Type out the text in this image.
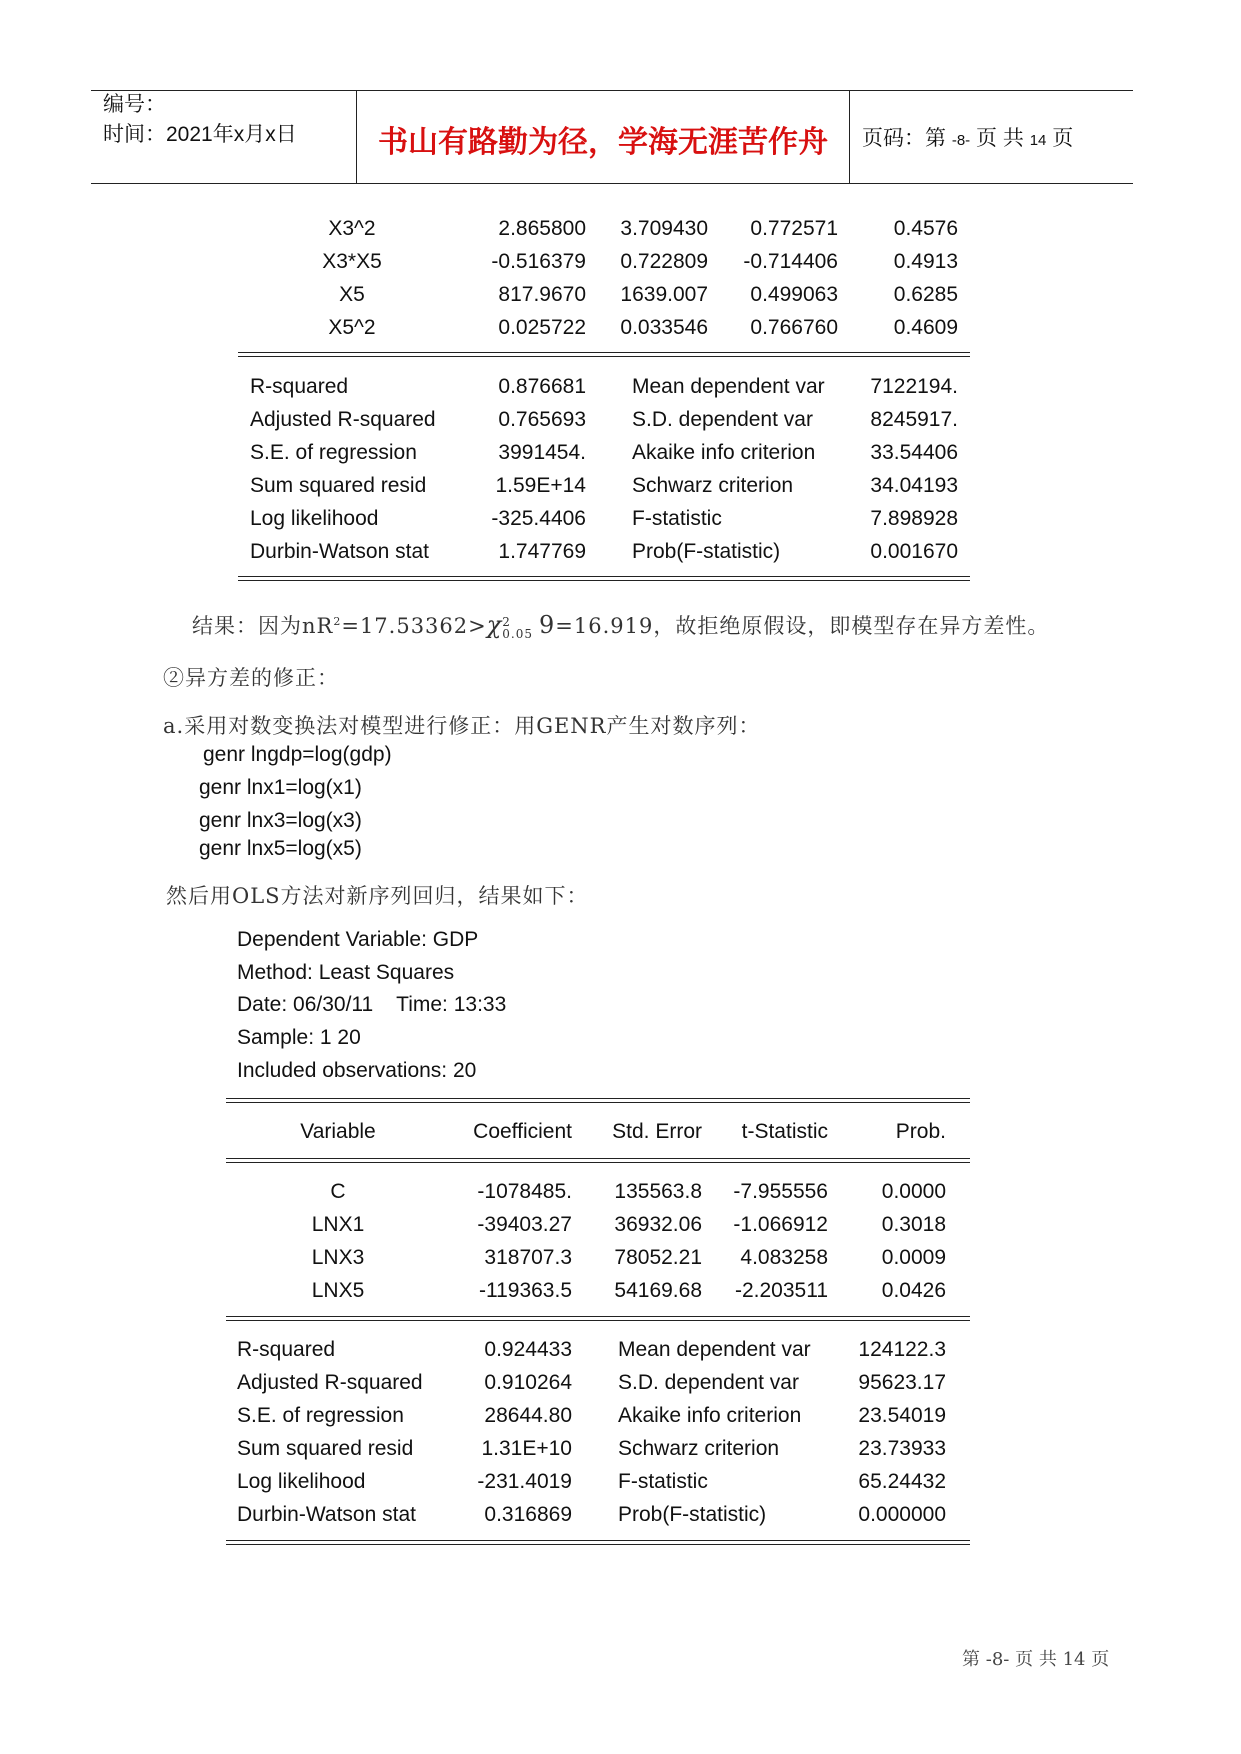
编号：
时间：2021年x月x日	书山有路勤为径，学海无涯苦作舟	页码：第 -8- 页 共 14 页
X3^2	2.865800	3.709430	0.772571	0.4576
X3*X5	-0.516379	0.722809	-0.714406	0.4913
X5	817.9670	1639.007	0.499063	0.6285
X5^2	0.025722	0.033546	0.766760	0.4609
R-squared	0.876681 Mean dependent var	7122194.
Adjusted R-squared	0.765693 S.D. dependent var	8245917.
S.E. of regression	3991454. Akaike info criterion	33.54406
Sum squared resid	1.59E+14 Schwarz criterion	34.04193
Log likelihood	-325.4406 F-statistic	7.898928
Durbin-Watson stat	1.747769 Prob(F-statistic)	0.001670
结果：因为$nR^2=17.53362>\chi$ 2
0.05 9=16.919，故拒绝原假设，即模型存在异方差性。
②异方差的修正：
a.采用对数变换法对模型进行修正：用GENR产生对数序列：
genr lngdp=log(gdp)
genr lnx1=log(x1)
genr lnx3=log(x3)
genr lnx5=log(x5)
然后用OLS方法对新序列回归，结果如下：
Dependent Variable: GDP
Method: Least Squares
Date: 06/30/11    Time: 13:33
Sample: 1 20
Included observations: 20
Variable	Coefficient	Std. Error	t-Statistic	Prob.
C	-1078485.	135563.8	-7.955556	0.0000
LNX1	-39403.27	36932.06	-1.066912	0.3018
LNX3	318707.3	78052.21	4.083258	0.0009
LNX5	-119363.5	54169.68	-2.203511	0.0426
R-squared	0.924433 Mean dependent var	124122.3
Adjusted R-squared	0.910264 S.D. dependent var	95623.17
S.E. of regression	28644.80 Akaike info criterion	23.54019
Sum squared resid	1.31E+10 Schwarz criterion	23.73933
Log likelihood	-231.4019 F-statistic	65.24432
Durbin-Watson stat	0.316869 Prob(F-statistic)	0.000000
第 -8- 页 共 14 页
